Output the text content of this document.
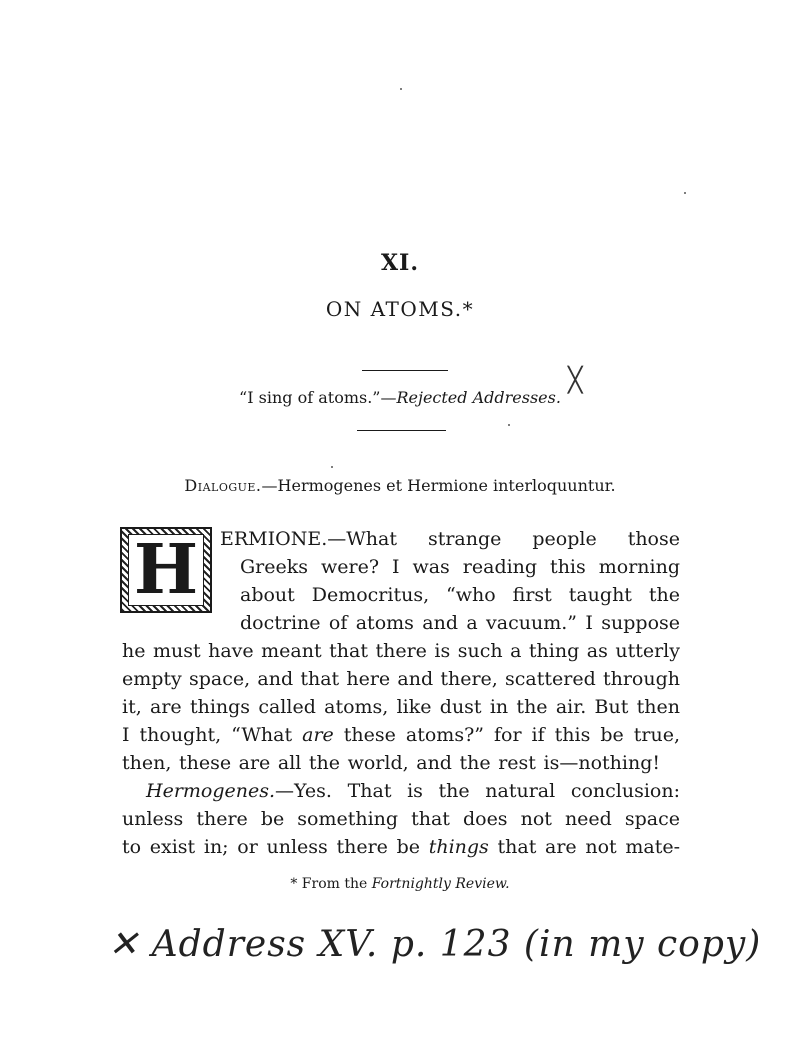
XI.
ON ATOMS.*
“I sing of atoms.”—Rejected Addresses.
╳
Dialogue.—Hermogenes et Hermione interloquuntur.
H ERMIONE.—What strange people those
Greeks were? I was reading this morning
about Democritus, “who first taught the
doctrine of atoms and a vacuum.” I suppose
he must have meant that there is such a thing as utterly
empty space, and that here and there, scattered through
it, are things called atoms, like dust in the air. But then
I thought, “What are these atoms?” for if this be true,
then, these are all the world, and the rest is—nothing!
Hermogenes.—Yes. That is the natural conclusion:
unless there be something that does not need space
to exist in; or unless there be things that are not mate-
* From the Fortnightly Review.
✕ Address XV. p. 123 (in my copy)
